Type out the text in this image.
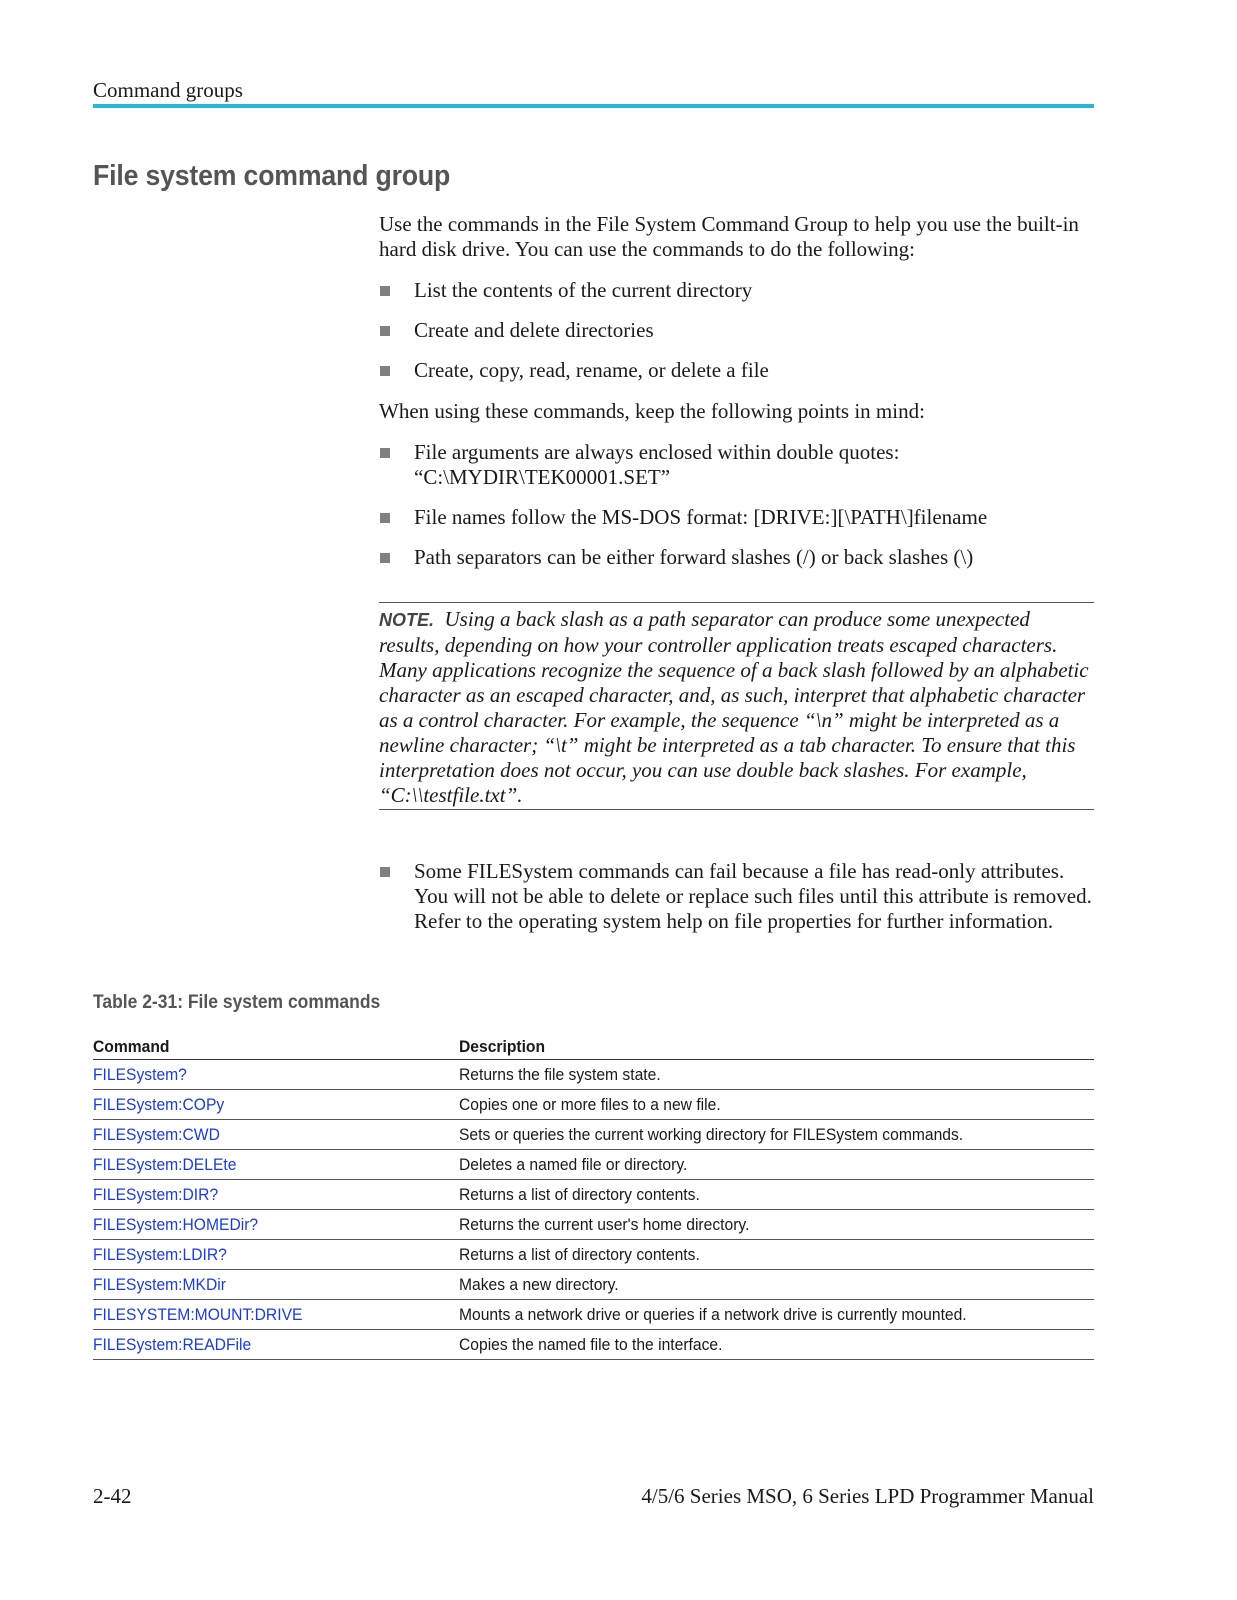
Command groups
File system command group

Use the commands in the File System Command Group to help you use the built-in hard disk drive. You can use the commands to do the following:

List the contents of the current directory
Create and delete directories
Create, copy, read, rename, or delete a file

When using these commands, keep the following points in mind:

File arguments are always enclosed within double quotes: “C:\MYDIR\TEK00001.SET”
File names follow the MS-DOS format: [DRIVE:][\PATH\]filename
Path separators can be either forward slashes (/) or back slashes (\)

NOTE. Using a back slash as a path separator can produce some unexpected results, depending on how your controller application treats escaped characters. Many applications recognize the sequence of a back slash followed by an alphabetic character as an escaped character, and, as such, interpret that alphabetic character as a control character. For example, the sequence “\n” might be interpreted as a newline character; “\t” might be interpreted as a tab character. To ensure that this interpretation does not occur, you can use double back slashes. For example, “C:\\testfile.txt”.

Some FILESystem commands can fail because a file has read-only attributes. You will not be able to delete or replace such files until this attribute is removed. Refer to the operating system help on file properties for further information.
Table 2-31: File system commands
Command	Description
FILESystem?	Returns the file system state.
FILESystem:COPy	Copies one or more files to a new file.
FILESystem:CWD	Sets or queries the current working directory for FILESystem commands.
FILESystem:DELEte	Deletes a named file or directory.
FILESystem:DIR?	Returns a list of directory contents.
FILESystem:HOMEDir?	Returns the current user's home directory.
FILESystem:LDIR?	Returns a list of directory contents.
FILESystem:MKDir	Makes a new directory.
FILESYSTEM:MOUNT:DRIVE	Mounts a network drive or queries if a network drive is currently mounted.
FILESystem:READFile	Copies the named file to the interface.
2-42	4/5/6 Series MSO, 6 Series LPD Programmer Manual
